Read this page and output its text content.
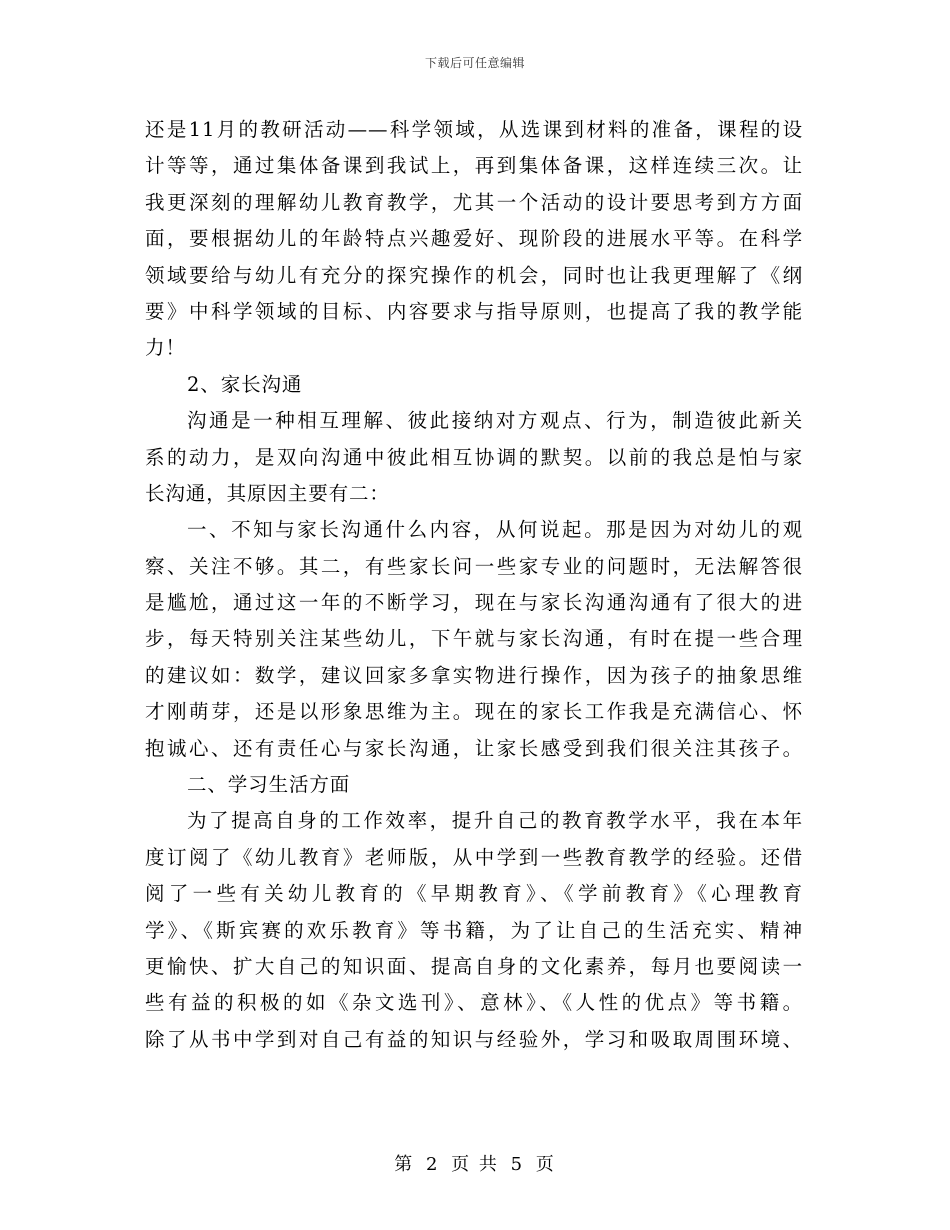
下载后可任意编辑
还是11月的教研活动——科学领域，从选课到材料的准备，课程的设
计等等，通过集体备课到我试上，再到集体备课，这样连续三次。让
我更深刻的理解幼儿教育教学，尤其一个活动的设计要思考到方方面
面，要根据幼儿的年龄特点兴趣爱好、现阶段的进展水平等。在科学
领域要给与幼儿有充分的探究操作的机会，同时也让我更理解了《纲
要》中科学领域的目标、内容要求与指导原则，也提高了我的教学能
力！
2、家长沟通
沟通是一种相互理解、彼此接纳对方观点、行为，制造彼此新关
系的动力，是双向沟通中彼此相互协调的默契。以前的我总是怕与家
长沟通，其原因主要有二：
一、不知与家长沟通什么内容，从何说起。那是因为对幼儿的观
察、关注不够。其二，有些家长问一些家专业的问题时，无法解答很
是尴尬，通过这一年的不断学习，现在与家长沟通沟通有了很大的进
步，每天特别关注某些幼儿，下午就与家长沟通，有时在提一些合理
的建议如：数学，建议回家多拿实物进行操作，因为孩子的抽象思维
才刚萌芽，还是以形象思维为主。现在的家长工作我是充满信心、怀
抱诚心、还有责任心与家长沟通，让家长感受到我们很关注其孩子。
二、学习生活方面
为了提高自身的工作效率，提升自己的教育教学水平，我在本年
度订阅了《幼儿教育》老师版，从中学到一些教育教学的经验。还借
阅了一些有关幼儿教育的《早期教育》、《学前教育》《心理教育
学》、《斯宾赛的欢乐教育》等书籍，为了让自己的生活充实、精神
更愉快、扩大自己的知识面、提高自身的文化素养，每月也要阅读一
些有益的积极的如《杂文选刊》、意林》、《人性的优点》等书籍。
除了从书中学到对自己有益的知识与经验外，学习和吸取周围环境、
第 2 页 共 5 页
